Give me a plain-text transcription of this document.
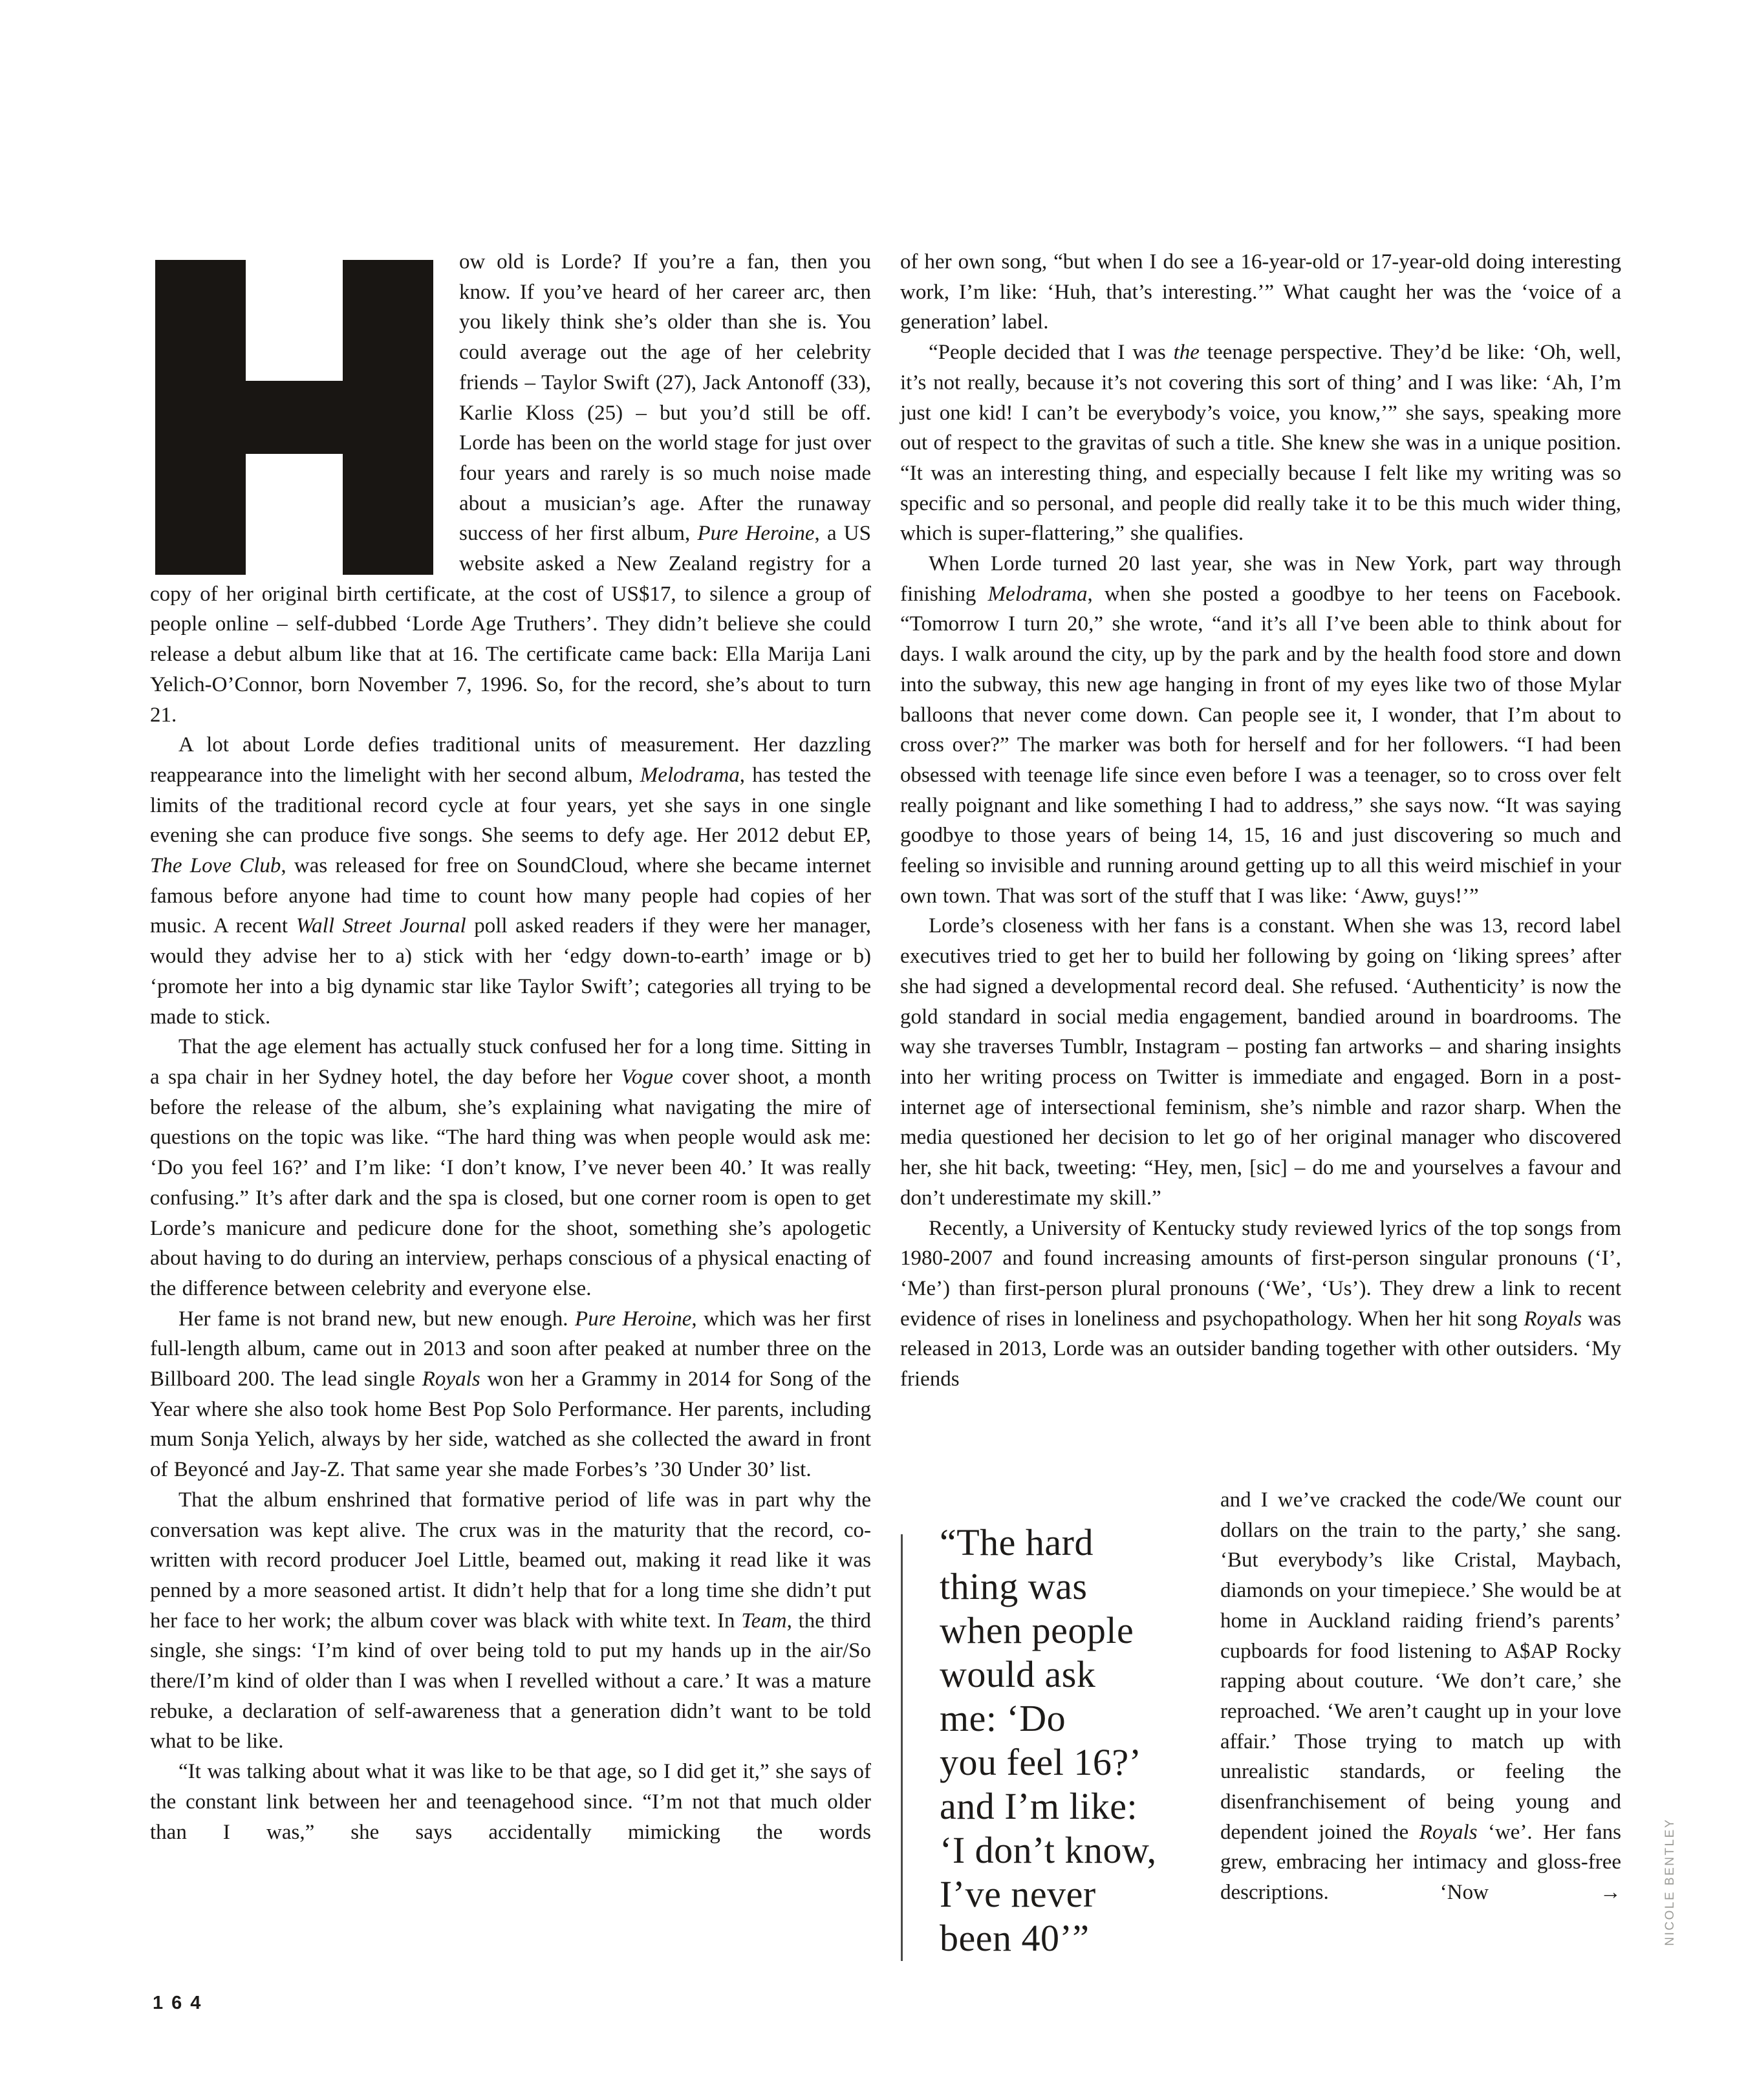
ow old is Lorde? If you’re a fan, then you know. If you’ve heard of her career arc, then you likely think she’s older than she is. You could average out the age of her celebrity friends – Taylor Swift (27), Jack Antonoff (33), Karlie Kloss (25) – but you’d still be off. Lorde has been on the world stage for just over four years and rarely is so much noise made about a musician’s age. After the runaway success of her first album, Pure Heroine, a US website asked a New Zealand registry for a copy of her original birth certificate, at the cost of US$17, to silence a group of people online – self-dubbed ‘Lorde Age Truthers’. They didn’t believe she could release a debut album like that at 16. The certificate came back: Ella Marija Lani Yelich-O’Connor, born November 7, 1996. So, for the record, she’s about to turn 21.

A lot about Lorde defies traditional units of measurement. Her dazzling reappearance into the limelight with her second album, Melodrama, has tested the limits of the traditional record cycle at four years, yet she says in one single evening she can produce five songs. She seems to defy age. Her 2012 debut EP, The Love Club, was released for free on SoundCloud, where she became internet famous before anyone had time to count how many people had copies of her music. A recent Wall Street Journal poll asked readers if they were her manager, would they advise her to a) stick with her ‘edgy down-to-earth’ image or b) ‘promote her into a big dynamic star like Taylor Swift’; categories all trying to be made to stick.

That the age element has actually stuck confused her for a long time. Sitting in a spa chair in her Sydney hotel, the day before her Vogue cover shoot, a month before the release of the album, she’s explaining what navigating the mire of questions on the topic was like. “The hard thing was when people would ask me: ‘Do you feel 16?’ and I’m like: ‘I don’t know, I’ve never been 40.’ It was really confusing.” It’s after dark and the spa is closed, but one corner room is open to get Lorde’s manicure and pedicure done for the shoot, something she’s apologetic about having to do during an interview, perhaps conscious of a physical enacting of the difference between celebrity and everyone else.

Her fame is not brand new, but new enough. Pure Heroine, which was her first full-length album, came out in 2013 and soon after peaked at number three on the Billboard 200. The lead single Royals won her a Grammy in 2014 for Song of the Year where she also took home Best Pop Solo Performance. Her parents, including mum Sonja Yelich, always by her side, watched as she collected the award in front of Beyoncé and Jay-Z. That same year she made Forbes’s ’30 Under 30’ list.

That the album enshrined that formative period of life was in part why the conversation was kept alive. The crux was in the maturity that the record, co-written with record producer Joel Little, beamed out, making it read like it was penned by a more seasoned artist. It didn’t help that for a long time she didn’t put her face to her work; the album cover was black with white text. In Team, the third single, she sings: ‘I’m kind of over being told to put my hands up in the air/So there/I’m kind of older than I was when I revelled without a care.’ It was a mature rebuke, a declaration of self-awareness that a generation didn’t want to be told what to be like.

“It was talking about what it was like to be that age, so I did get it,” she says of the constant link between her and teenagehood since. “I’m not that much older than I was,” she says accidentally mimicking the words

of her own song, “but when I do see a 16-year-old or 17-year-old doing interesting work, I’m like: ‘Huh, that’s interesting.’” What caught her was the ‘voice of a generation’ label.

“People decided that I was the teenage perspective. They’d be like: ‘Oh, well, it’s not really, because it’s not covering this sort of thing’ and I was like: ‘Ah, I’m just one kid! I can’t be everybody’s voice, you know,’” she says, speaking more out of respect to the gravitas of such a title. She knew she was in a unique position. “It was an interesting thing, and especially because I felt like my writing was so specific and so personal, and people did really take it to be this much wider thing, which is super-flattering,” she qualifies.

When Lorde turned 20 last year, she was in New York, part way through finishing Melodrama, when she posted a goodbye to her teens on Facebook. “Tomorrow I turn 20,” she wrote, “and it’s all I’ve been able to think about for days. I walk around the city, up by the park and by the health food store and down into the subway, this new age hanging in front of my eyes like two of those Mylar balloons that never come down. Can people see it, I wonder, that I’m about to cross over?” The marker was both for herself and for her followers. “I had been obsessed with teenage life since even before I was a teenager, so to cross over felt really poignant and like something I had to address,” she says now. “It was saying goodbye to those years of being 14, 15, 16 and just discovering so much and feeling so invisible and running around getting up to all this weird mischief in your own town. That was sort of the stuff that I was like: ‘Aww, guys!’”

Lorde’s closeness with her fans is a constant. When she was 13, record label executives tried to get her to build her following by going on ‘liking sprees’ after she had signed a developmental record deal. She refused. ‘Authenticity’ is now the gold standard in social media engagement, bandied around in boardrooms. The way she traverses Tumblr, Instagram – posting fan artworks – and sharing insights into her writing process on Twitter is immediate and engaged. Born in a post-internet age of intersectional feminism, she’s nimble and razor sharp. When the media questioned her decision to let go of her original manager who discovered her, she hit back, tweeting: “Hey, men, [sic] – do me and yourselves a favour and don’t underestimate my skill.”

Recently, a University of Kentucky study reviewed lyrics of the top songs from 1980-2007 and found increasing amounts of first-person singular pronouns (‘I’, ‘Me’) than first-person plural pronouns (‘We’, ‘Us’). They drew a link to recent evidence of rises in loneliness and psychopathology. When her hit song Royals was released in 2013, Lorde was an outsider banding together with other outsiders. ‘My friends

and I we’ve cracked the code/We count our dollars on the train to the party,’ she sang. ‘But everybody’s like Cristal, Maybach, diamonds on your timepiece.’ She would be at home in Auckland raiding friend’s parents’ cupboards for food listening to A$AP Rocky rapping about couture. ‘We don’t care,’ she reproached. ‘We aren’t caught up in your love affair.’ Those trying to match up with unrealistic standards, or feeling the disenfranchisement of being young and dependent joined the Royals ‘we’. Her fans grew, embracing her intimacy and gloss-free descriptions. ‘Now →

“The hard
thing was
when people
would ask
me: ‘Do
you feel 16?’
and I’m like:
‘I don’t know,
I’ve never
been 40’”
164
NICOLE BENTLEY
